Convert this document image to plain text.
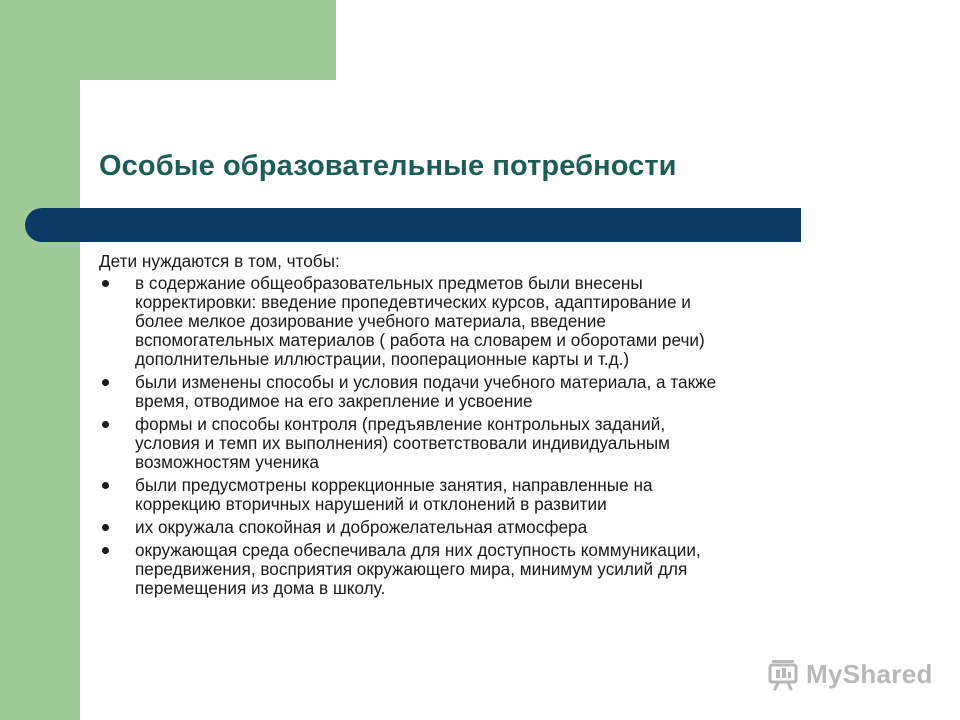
Особые образовательные потребности

Дети нуждаются в том, чтобы:

в содержание общеобразовательных предметов были внесены
корректировки: введение пропедевтических курсов, адаптирование и
более мелкое дозирование учебного материала, введение
вспомогательных материалов ( работа на словарем и оборотами речи)
дополнительные иллюстрации, пооперационные карты и т.д.)
были изменены способы и условия подачи учебного материала, а также
время, отводимое на его закрепление и усвоение
формы и способы контроля (предъявление контрольных заданий,
условия и темп их выполнения) соответствовали индивидуальным
возможностям ученика
были предусмотрены коррекционные занятия, направленные на
коррекцию вторичных нарушений и отклонений в развитии
их окружала спокойная и доброжелательная атмосфера
окружающая среда обеспечивала для них доступность коммуникации,
передвижения, восприятия окружающего мира, минимум усилий для
перемещения из дома в школу.
MyShared
